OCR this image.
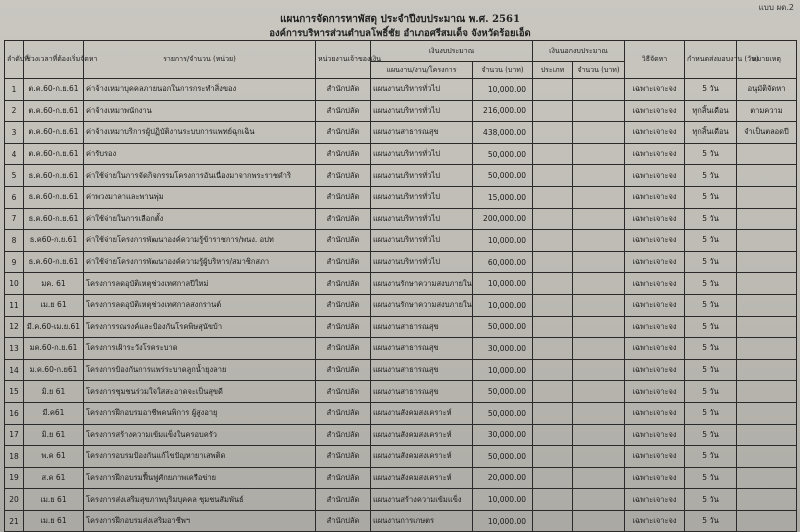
แบบ ผด.2
แผนการจัดการหาพัสดุ ประจำปีงบประมาณ พ.ศ. 2561
องค์การบริหารส่วนตำบลโพธิ์ชัย อำเภอศรีสมเด็จ จังหวัดร้อยเอ็ด
ลำดับที่	ช่วงเวลาที่ต้องเริ่มจัดหา	รายการ/จำนวน (หน่วย)	หน่วยงานเจ้าของเงิน	เงินงบประมาณ		เงินนอกงบประมาณ		วิธีจัดหา	กำหนดส่งมอบงาน (วัน)	หมายเหตุ
				แผนงาน/งาน/โครงการ	จำนวน (บาท)	ประเภท	จำนวน (บาท)			
1	ต.ค.60-ก.ย.61	ค่าจ้างเหมาบุคคลภายนอกในการกระทำสิ่งของ	สำนักปลัด	แผนงานบริหารทั่วไป	10,000.00			เฉพาะเจาะจง	5 วัน	อนุมัติจัดหา
2	ต.ค.60-ก.ย.61	ค่าจ้างเหมาพนักงาน	สำนักปลัด	แผนงานบริหารทั่วไป	216,000.00			เฉพาะเจาะจง	ทุกสิ้นเดือน	ตามความ
3	ต.ค.60-ก.ย.61	ค่าจ้างเหมาบริการผู้ปฏิบัติงานระบบการแพทย์ฉุกเฉิน	สำนักปลัด	แผนงานสาธารณสุข	438,000.00			เฉพาะเจาะจง	ทุกสิ้นเดือน	จำเป็นตลอดปี
4	ต.ค.60-ก.ย.61	ค่ารับรอง	สำนักปลัด	แผนงานบริหารทั่วไป	50,000.00			เฉพาะเจาะจง	5 วัน	
5	ธ.ค.60-ก.ย.61	ค่าใช้จ่ายในการจัดกิจกรรมโครงการอันเนื่องมาจากพระราชดำริ	สำนักปลัด	แผนงานบริหารทั่วไป	50,000.00			เฉพาะเจาะจง	5 วัน	
6	ธ.ค.60-ก.ย.61	ค่าพวงมาลาและพานพุ่ม	สำนักปลัด	แผนงานบริหารทั่วไป	15,000.00			เฉพาะเจาะจง	5 วัน	
7	ธ.ค.60-ก.ย.61	ค่าใช้จ่ายในการเลือกตั้ง	สำนักปลัด	แผนงานบริหารทั่วไป	200,000.00			เฉพาะเจาะจง	5 วัน	
8	ธ.ค60-ก.ย.61	ค่าใช้จ่ายโครงการพัฒนาองค์ความรู้ข้าราชการ/พนง. อปท	สำนักปลัด	แผนงานบริหารทั่วไป	10,000.00			เฉพาะเจาะจง	5 วัน	
9	ธ.ค.60-ก.ย.61	ค่าใช้จ่ายโครงการพัฒนาองค์ความรู้ผู้บริหาร/สมาชิกสภา	สำนักปลัด	แผนงานบริหารทั่วไป	60,000.00			เฉพาะเจาะจง	5 วัน	
10	มค. 61	โครงการลดอุบัติเหตุช่วงเทศกาลปีใหม่	สำนักปลัด	แผนงานรักษาความสงบภายใน	10,000.00			เฉพาะเจาะจง	5 วัน	
11	เม.ย 61	โครงการลดอุบัติเหตุช่วงเทศกาลสงกรานต์	สำนักปลัด	แผนงานรักษาความสงบภายใน	10,000.00			เฉพาะเจาะจง	5 วัน	
12	มี.ค.60-เม.ย.61	โครงการรณรงค์และป้องกันโรคพิษสุนัขบ้า	สำนักปลัด	แผนงานสาธารณสุข	50,000.00			เฉพาะเจาะจง	5 วัน	
13	มค.60-ก.ย.61	โครงการเฝ้าระวังโรคระบาด	สำนักปลัด	แผนงานสาธารณสุข	30,000.00			เฉพาะเจาะจง	5 วัน	
14	ม.ค.60-ก.ย61	โครงการป้องกันการแพร่ระบาดลูกน้ำยุงลาย	สำนักปลัด	แผนงานสาธารณสุข	10,000.00			เฉพาะเจาะจง	5 วัน	
15	มิ.ย 61	โครงการชุมชนร่วมใจใสสะอาดจะเป็นสุขดี	สำนักปลัด	แผนงานสาธารณสุข	50,000.00			เฉพาะเจาะจง	5 วัน	
16	มี.ค61	โครงการฝึกอบรมอาชีพคนพิการ ผู้สูงอายุ	สำนักปลัด	แผนงานสังคมสงเคราะห์	50,000.00			เฉพาะเจาะจง	5 วัน	
17	มิ.ย 61	โครงการสร้างความเข้มแข็งในครอบครัว	สำนักปลัด	แผนงานสังคมสงเคราะห์	30,000.00			เฉพาะเจาะจง	5 วัน	
18	พ.ค 61	โครงการอบรมป้องกันแก้ไขปัญหายาเสพติด	สำนักปลัด	แผนงานสังคมสงเคราะห์	50,000.00			เฉพาะเจาะจง	5 วัน	
19	ส.ค 61	โครงการฝึกอบรมฟื้นฟูศักยภาพเครือข่าย	สำนักปลัด	แผนงานสังคมสงเคราะห์	20,000.00			เฉพาะเจาะจง	5 วัน	
20	เม.ย 61	โครงการส่งเสริมสุขภาพบุริมบุคคล ชุมชนสัมพันธ์	สำนักปลัด	แผนงานสร้างความเข้มแข็ง	10,000.00			เฉพาะเจาะจง	5 วัน	
21	เม.ย 61	โครงการฝึกอบรมส่งเสริมอาชีพฯ	สำนักปลัด	แผนงานการเกษตร	10,000.00			เฉพาะเจาะจง	5 วัน	
